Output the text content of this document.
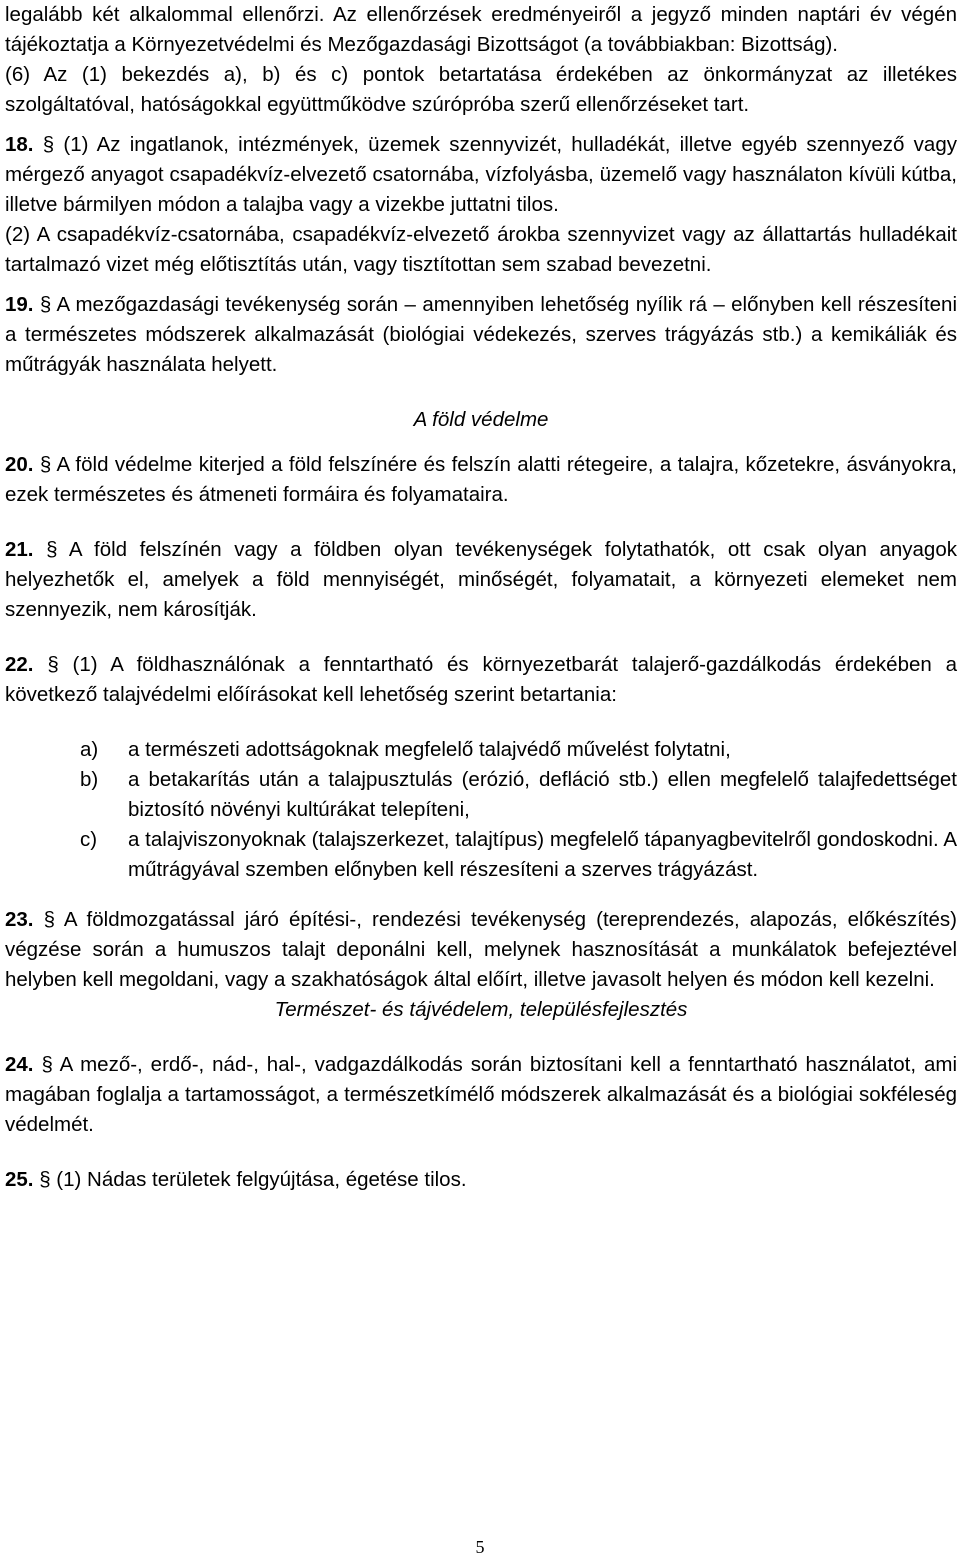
legalább két alkalommal ellenőrzi. Az ellenőrzések eredményeiről a jegyző minden naptári év végén tájékoztatja a Környezetvédelmi és Mezőgazdasági Bizottságot (a továbbiakban: Bizottság).

(6) Az (1) bekezdés a), b) és c) pontok betartatása érdekében az önkormányzat az illetékes szolgáltatóval, hatóságokkal együttműködve szúrópróba szerű ellenőrzéseket tart.

18. § (1) Az ingatlanok, intézmények, üzemek szennyvizét, hulladékát, illetve egyéb szennyező vagy mérgező anyagot csapadékvíz-elvezető csatornába, vízfolyásba, üzemelő vagy használaton kívüli kútba, illetve bármilyen módon a talajba vagy a vizekbe juttatni tilos.

(2) A csapadékvíz-csatornába, csapadékvíz-elvezető árokba szennyvizet vagy az állattartás hulladékait tartalmazó vizet még előtisztítás után, vagy tisztítottan sem szabad bevezetni.

19. § A mezőgazdasági tevékenység során – amennyiben lehetőség nyílik rá – előnyben kell részesíteni a természetes módszerek alkalmazását (biológiai védekezés, szerves trágyázás stb.) a kemikáliák és műtrágyák használata helyett.

A föld védelme

20. § A föld védelme kiterjed a föld felszínére és felszín alatti rétegeire, a talajra, kőzetekre, ásványokra, ezek természetes és átmeneti formáira és folyamataira.

21. § A föld felszínén vagy a földben olyan tevékenységek folytathatók, ott csak olyan anyagok helyezhetők el, amelyek a föld mennyiségét, minőségét, folyamatait, a környezeti elemeket nem szennyezik, nem károsítják.

22. § (1) A földhasználónak a fenntartható és környezetbarát talajerő-gazdálkodás érdekében a következő talajvédelmi előírásokat kell lehetőség szerint betartania:

a)	a természeti adottságoknak megfelelő talajvédő művelést folytatni,
b)	a betakarítás után a talajpusztulás (erózió, defláció stb.) ellen megfelelő talajfedettséget biztosító növényi kultúrákat telepíteni,
c)	a talajviszonyoknak (talajszerkezet, talajtípus) megfelelő tápanyagbevitelről gondoskodni. A műtrágyával szemben előnyben kell részesíteni a szerves trágyázást.

23. § A földmozgatással járó építési-, rendezési tevékenység (tereprendezés, alapozás, előkészítés) végzése során a humuszos talajt deponálni kell, melynek hasznosítását a munkálatok befejeztével helyben kell megoldani, vagy a szakhatóságok által előírt, illetve javasolt helyen és módon kell kezelni.

Természet- és tájvédelem, településfejlesztés

24. § A mező-, erdő-, nád-, hal-, vadgazdálkodás során biztosítani kell a fenntartható használatot, ami magában foglalja a tartamosságot, a természetkímélő módszerek alkalmazását és a biológiai sokféleség védelmét.

25. § (1) Nádas területek felgyújtása, égetése tilos.

5
